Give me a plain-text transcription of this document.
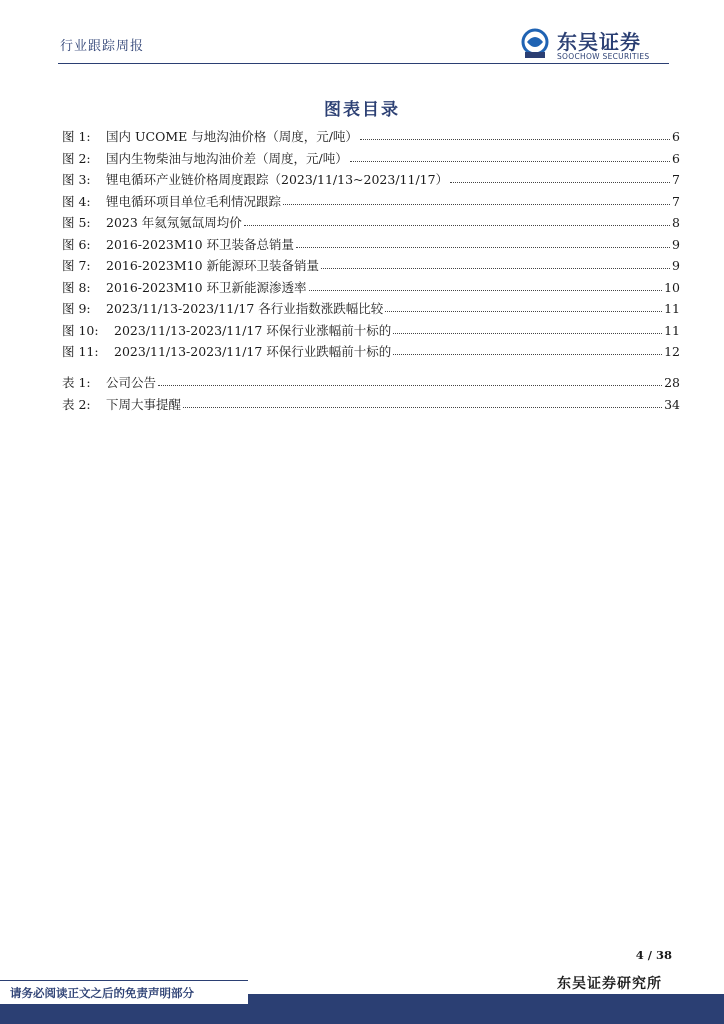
行业跟踪周报	东吴证券
SOOCHOW SECURITIES
图表目录
图 1:	国内 UCOME 与地沟油价格（周度，元/吨）	6
图 2:	国内生物柴油与地沟油价差（周度，元/吨）	6
图 3:	锂电循环产业链价格周度跟踪（2023/11/13~2023/11/17）	7
图 4:	锂电循环项目单位毛利情况跟踪	7
图 5:	2023 年氦氖氪氙周均价	8
图 6:	2016-2023M10 环卫装备总销量	9
图 7:	2016-2023M10 新能源环卫装备销量	9
图 8:	2016-2023M10 环卫新能源渗透率	10
图 9:	2023/11/13-2023/11/17 各行业指数涨跌幅比较	11
图 10:	2023/11/13-2023/11/17 环保行业涨幅前十标的	11
图 11:	2023/11/13-2023/11/17 环保行业跌幅前十标的	12
表 1:	公司公告	28
表 2:	下周大事提醒	34
4 / 38
东吴证券研究所
请务必阅读正文之后的免责声明部分
